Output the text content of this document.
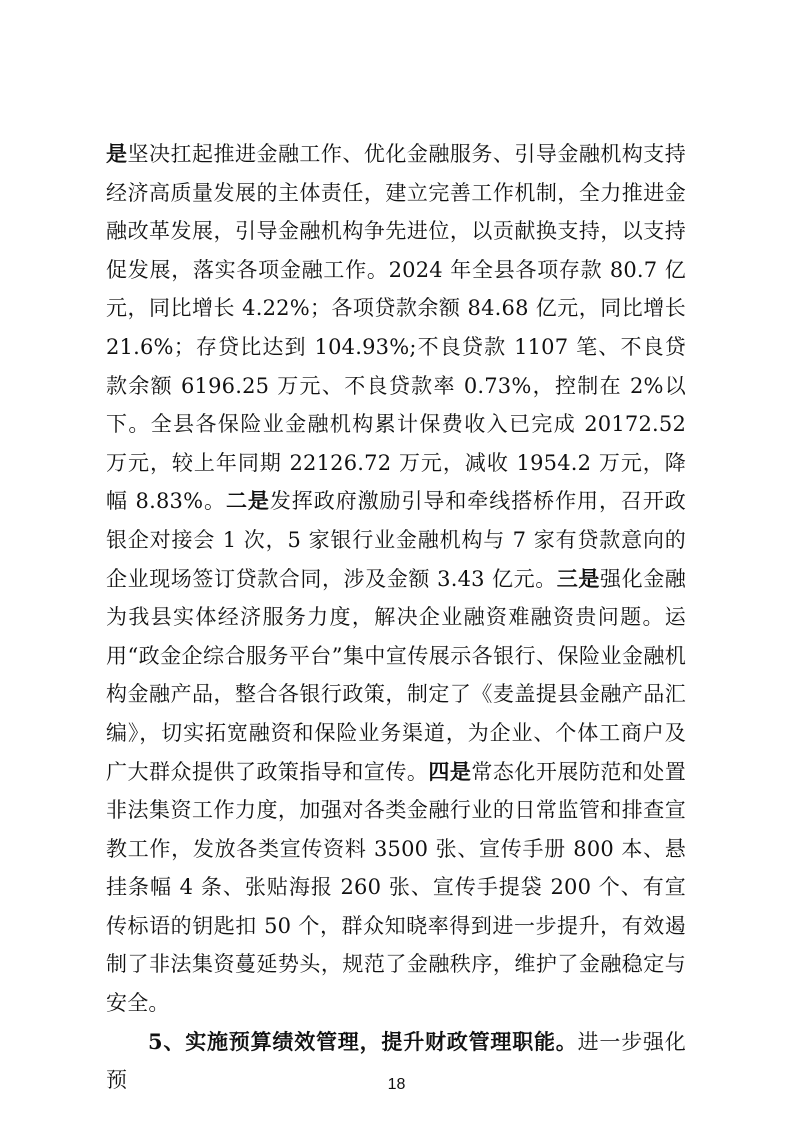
是坚决扛起推进金融工作、优化金融服务、引导金融机构支持经济高质量发展的主体责任，建立完善工作机制，全力推进金融改革发展，引导金融机构争先进位，以贡献换支持，以支持促发展，落实各项金融工作。2024 年全县各项存款 80.7 亿元，同比增长 4.22%；各项贷款余额 84.68 亿元，同比增长 21.6%；存贷比达到 104.93%;不良贷款 1107 笔、不良贷款余额 6196.25 万元、不良贷款率 0.73%，控制在 2%以下。全县各保险业金融机构累计保费收入已完成 20172.52 万元，较上年同期 22126.72 万元，减收 1954.2 万元，降幅 8.83%。二是发挥政府激励引导和牵线搭桥作用，召开政银企对接会 1 次，5 家银行业金融机构与 7 家有贷款意向的企业现场签订贷款合同，涉及金额 3.43 亿元。三是强化金融为我县实体经济服务力度，解决企业融资难融资贵问题。运用“政金企综合服务平台”集中宣传展示各银行、保险业金融机构金融产品，整合各银行政策，制定了《麦盖提县金融产品汇编》，切实拓宽融资和保险业务渠道，为企业、个体工商户及广大群众提供了政策指导和宣传。四是常态化开展防范和处置非法集资工作力度，加强对各类金融行业的日常监管和排查宣教工作，发放各类宣传资料 3500 张、宣传手册 800 本、悬挂条幅 4 条、张贴海报 260 张、宣传手提袋 200 个、有宣传标语的钥匙扣 50 个，群众知晓率得到进一步提升，有效遏制了非法集资蔓延势头，规范了金融秩序，维护了金融稳定与安全。

5、实施预算绩效管理，提升财政管理职能。进一步强化预	18
